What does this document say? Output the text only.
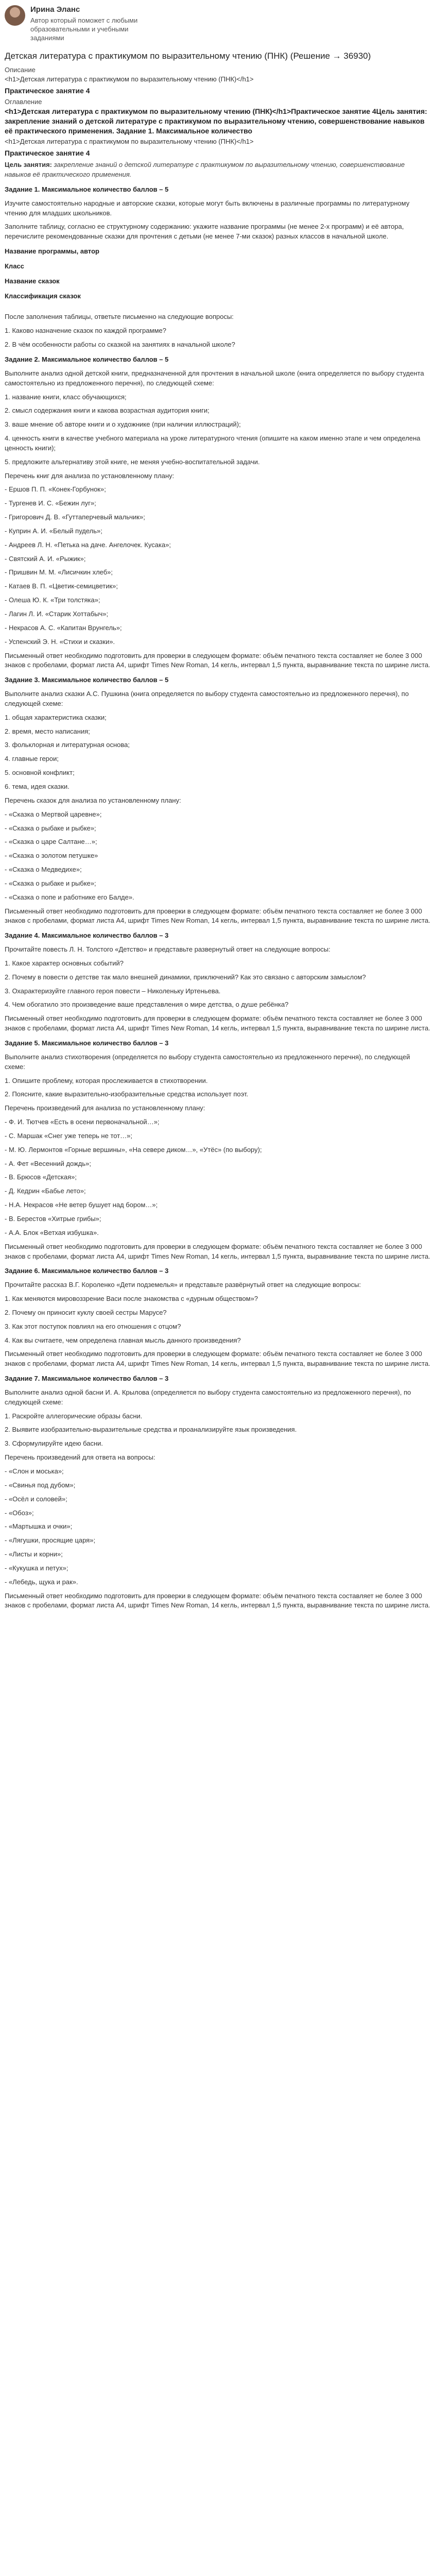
Ирина Эланс
Автор который поможет с любыми образовательными и учебными заданиями
Детская литература с практикумом по выразительному чтению (ПНК) (Решение → 36930)
Описание
<h1>Детская литература с практикумом по выразительному чтению (ПНК)</h1>
Практическое занятие 4
Оглавление
<h1>Детская литература с практикумом по выразительному чтению (ПНК)</h1>Практическое занятие 4Цель занятия: закрепление знаний о детской литературе с практикумом по выразительному чтению, совершенствование навыков её практического применения. Задание 1. Максимальное количество
<h1>Детская литература с практикумом по выразительному чтению (ПНК)</h1>
Практическое занятие 4
Цель занятия: закрепление знаний о детской литературе с практикумом по выразительному чтению, совершенствование навыков её практического применения.
Задание 1. Максимальное количество баллов – 5

Изучите самостоятельно народные и авторские сказки, которые могут быть включены в различные программы по литературному чтению для младших школьников.

Заполните таблицу, согласно ее структурному содержанию: укажите название программы (не менее 2-х программ) и её автора, перечислите рекомендованные сказки для прочтения с детьми (не менее 7-ми сказок) разных классов в начальной школе.

Название программы, автор
Класс
Название сказок
Классификация сказок

После заполнения таблицы, ответьте письменно на следующие вопросы:

1. Каково назначение сказок по каждой программе?

2. В чём особенности работы со сказкой на занятиях в начальной школе?

Задание 2. Максимальное количество баллов – 5

Выполните анализ одной детской книги, предназначенной для прочтения в начальной школе (книга определяется по выбору студента самостоятельно из предложенного перечня), по следующей схеме:

1. название книги, класс обучающихся;

2. смысл содержания книги и какова возрастная аудитория книги;

3. ваше мнение об авторе книги и о художнике (при наличии иллюстраций);

4. ценность книги в качестве учебного материала на уроке литературного чтения (опишите на каком именно этапе и чем определена ценность книги);

5. предложите альтернативу этой книге, не меняя учебно-воспитательной задачи.

Перечень книг для анализа по установленному плану:

- Ершов П. П. «Конек-Горбунок»;

- Тургенев И. С. «Бежин луг»;

- Григорович Д. В. «Гуттаперчевый мальчик»;

- Куприн А. И. «Белый пудель»;

- Андреев Л. Н. «Петька на даче. Ангелочек. Кусака»;

- Святский А. И. «Рыжик»;

- Пришвин М. М. «Лисичкин хлеб»;

- Катаев В. П. «Цветик-семицветик»;

- Олеша Ю. К. «Три толстяка»;

- Лагин Л. И. «Старик Хоттабыч»;

- Некрасов А. С. «Капитан Врунгель»;

- Успенский Э. Н. «Стихи и сказки».

Письменный ответ необходимо подготовить для проверки в следующем формате: объём печатного текста составляет не более 3 000 знаков с пробелами, формат листа А4, шрифт Times New Roman, 14 кегль, интервал 1,5 пункта, выравнивание текста по ширине листа.

Задание 3. Максимальное количество баллов – 5

Выполните анализ сказки А.С. Пушкина (книга определяется по выбору студента самостоятельно из предложенного перечня), по следующей схеме:

1. общая характеристика сказки;

2. время, место написания;

3. фольклорная и литературная основа;

4. главные герои;

5. основной конфликт;

6. тема, идея сказки.

Перечень сказок для анализа по установленному плану:

- «Сказка о Мертвой царевне»;

- «Сказка о рыбаке и рыбке»;

- «Сказка о царе Салтане…»;

- «Сказка о золотом петушке»

- «Сказка о Медведихе»;

- «Сказка о рыбаке и рыбке»;

- «Сказка о попе и работнике его Балде».

Письменный ответ необходимо подготовить для проверки в следующем формате: объём печатного текста составляет не более 3 000 знаков с пробелами, формат листа А4, шрифт Times New Roman, 14 кегль, интервал 1,5 пункта, выравнивание текста по ширине листа.

Задание 4. Максимальное количество баллов – 3

Прочитайте повесть Л. Н. Толстого «Детство» и представьте развернутый ответ на следующие вопросы:

1. Какое характер основных событий?

2. Почему в повести о детстве так мало внешней динамики, приключений? Как это связано с авторским замыслом?

3. Охарактеризуйте главного героя повести – Николеньку Иртеньева.

4. Чем обогатило это произведение ваше представления о мире детства, о душе ребёнка?

Письменный ответ необходимо подготовить для проверки в следующем формате: объём печатного текста составляет не более 3 000 знаков с пробелами, формат листа А4, шрифт Times New Roman, 14 кегль, интервал 1,5 пункта, выравнивание текста по ширине листа.

Задание 5. Максимальное количество баллов – 3

Выполните анализ стихотворения (определяется по выбору студента самостоятельно из предложенного перечня), по следующей схеме:

1. Опишите проблему, которая прослеживается в стихотворении.

2. Поясните, какие выразительно-изобразительные средства использует поэт.

Перечень произведений для анализа по установленному плану:

- Ф. И. Тютчев «Есть в осени первоначальной…»;

- С. Маршак «Снег уже теперь не тот…»;

- М. Ю. Лермонтов «Горные вершины», «На севере диком…», «Утёс» (по выбору);

- А. Фет «Весенний дождь»;

- В. Брюсов «Детская»;

- Д. Кедрин «Бабье лето»;

- Н.А. Некрасов «Не ветер бушует над бором…»;

- В. Берестов «Хитрые грибы»;

- А.А. Блок «Ветхая избушка».

Письменный ответ необходимо подготовить для проверки в следующем формате: объём печатного текста составляет не более 3 000 знаков с пробелами, формат листа А4, шрифт Times New Roman, 14 кегль, интервал 1,5 пункта, выравнивание текста по ширине листа.

Задание 6. Максимальное количество баллов – 3

Прочитайте рассказ В.Г. Короленко «Дети подземелья» и представьте развёрнутый ответ на следующие вопросы:

1. Как меняются мировоззрение Васи после знакомства с «дурным обществом»?

2. Почему он приносит куклу своей сестры Марусе?

3. Как этот поступок повлиял на его отношения с отцом?

4. Как вы считаете, чем определена главная мысль данного произведения?

Письменный ответ необходимо подготовить для проверки в следующем формате: объём печатного текста составляет не более 3 000 знаков с пробелами, формат листа А4, шрифт Times New Roman, 14 кегль, интервал 1,5 пункта, выравнивание текста по ширине листа.

Задание 7. Максимальное количество баллов – 3

Выполните анализ одной басни И. А. Крылова (определяется по выбору студента самостоятельно из предложенного перечня), по следующей схеме:

1. Раскройте аллегорические образы басни.

2. Выявите изобразительно-выразительные средства и проанализируйте язык произведения.

3. Сформулируйте идею басни.

Перечень произведений для ответа на вопросы:

- «Слон и моська»;

- «Свинья под дубом»;

- «Осёл и соловей»;

- «Обоз»;

- «Мартышка и очки»;

- «Лягушки, просящие царя»;

- «Листы и корни»;

- «Кукушка и петух»;

- «Лебедь, щука и рак».

Письменный ответ необходимо подготовить для проверки в следующем формате: объём печатного текста составляет не более 3 000 знаков с пробелами, формат листа А4, шрифт Times New Roman, 14 кегль, интервал 1,5 пункта, выравнивание текста по ширине листа.
